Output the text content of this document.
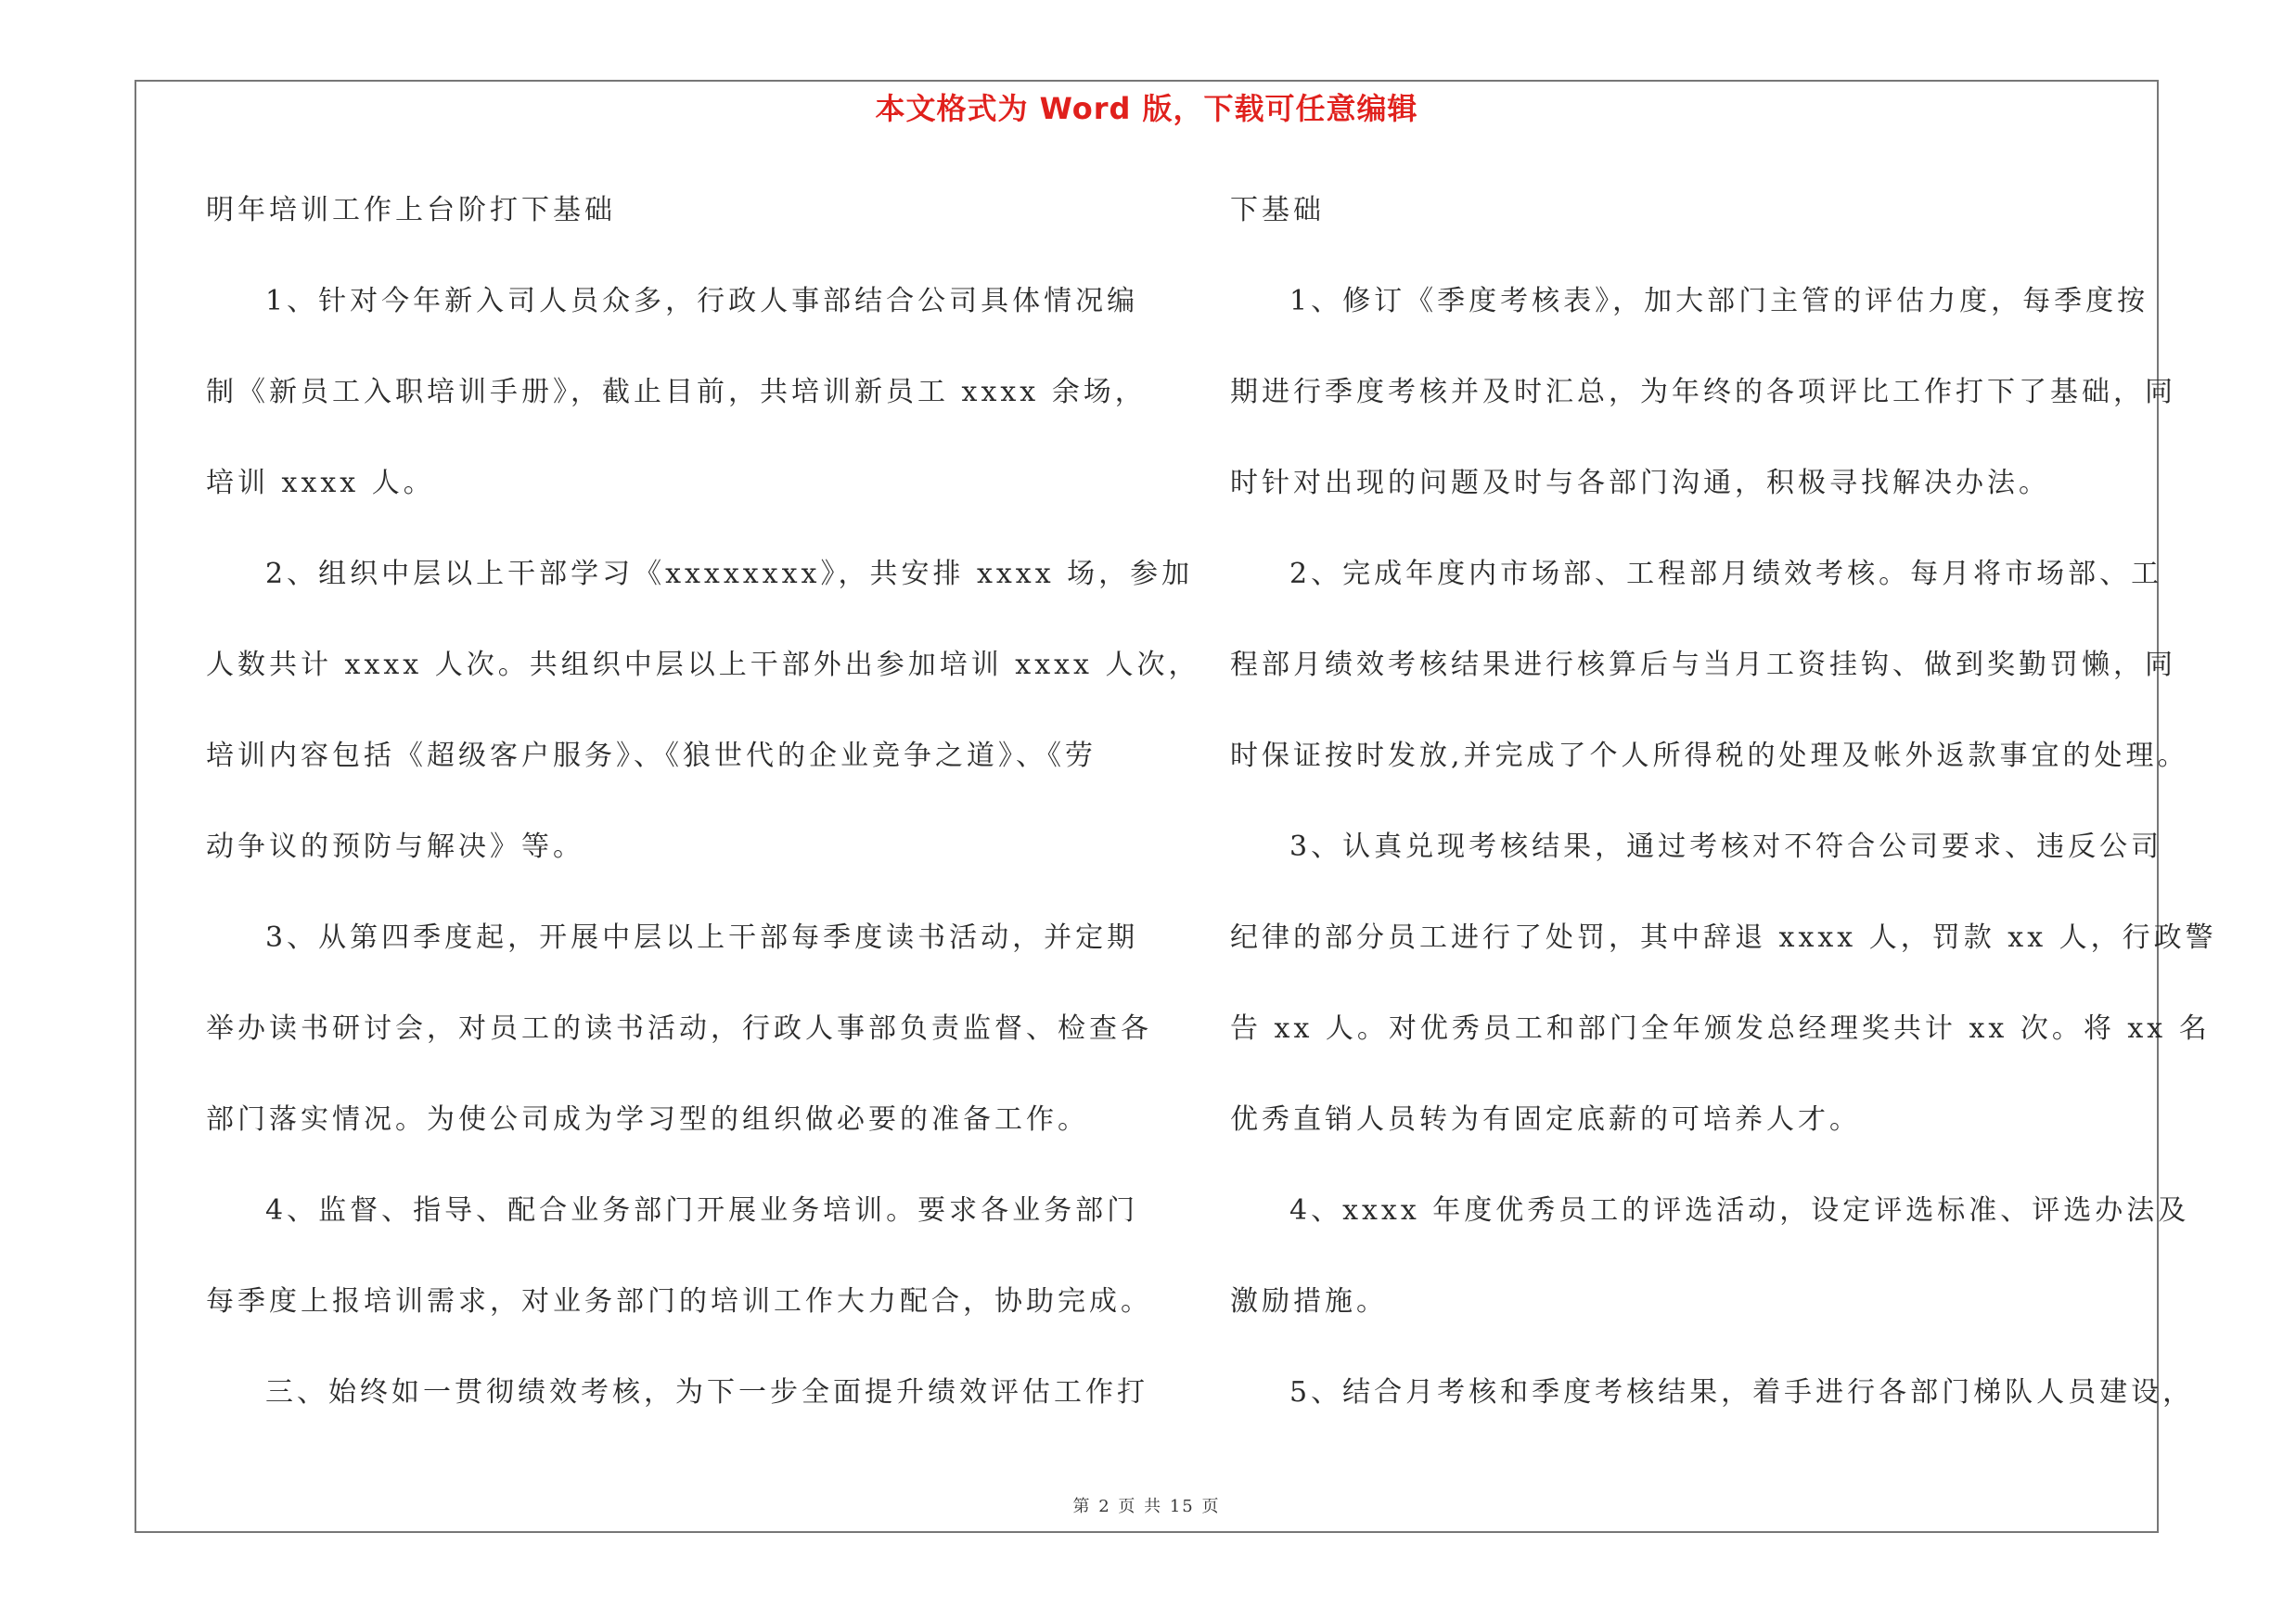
本文格式为 Word 版，下载可任意编辑
明年培训工作上台阶打下基础
1、针对今年新入司人员众多，行政人事部结合公司具体情况编
制《新员工入职培训手册》，截止目前，共培训新员工 xxxx 余场，
培训 xxxx 人。
2、组织中层以上干部学习《xxxxxxxx》，共安排 xxxx 场，参加
人数共计 xxxx 人次。共组织中层以上干部外出参加培训 xxxx 人次，
培训内容包括《超级客户服务》、《狼世代的企业竞争之道》、《劳
动争议的预防与解决》等。
3、从第四季度起，开展中层以上干部每季度读书活动，并定期
举办读书研讨会，对员工的读书活动，行政人事部负责监督、检查各
部门落实情况。为使公司成为学习型的组织做必要的准备工作。
4、监督、指导、配合业务部门开展业务培训。要求各业务部门
每季度上报培训需求，对业务部门的培训工作大力配合，协助完成。
三、始终如一贯彻绩效考核，为下一步全面提升绩效评估工作打
下基础
1、修订《季度考核表》，加大部门主管的评估力度，每季度按
期进行季度考核并及时汇总，为年终的各项评比工作打下了基础，同
时针对出现的问题及时与各部门沟通，积极寻找解决办法。
2、完成年度内市场部、工程部月绩效考核。每月将市场部、工
程部月绩效考核结果进行核算后与当月工资挂钩、做到奖勤罚懒，同
时保证按时发放,并完成了个人所得税的处理及帐外返款事宜的处理。
3、认真兑现考核结果，通过考核对不符合公司要求、违反公司
纪律的部分员工进行了处罚，其中辞退 xxxx 人，罚款 xx 人，行政警
告 xx 人。对优秀员工和部门全年颁发总经理奖共计 xx 次。将 xx 名
优秀直销人员转为有固定底薪的可培养人才。
4、xxxx 年度优秀员工的评选活动，设定评选标准、评选办法及
激励措施。
5、结合月考核和季度考核结果，着手进行各部门梯队人员建设，
第 2 页 共 15 页
